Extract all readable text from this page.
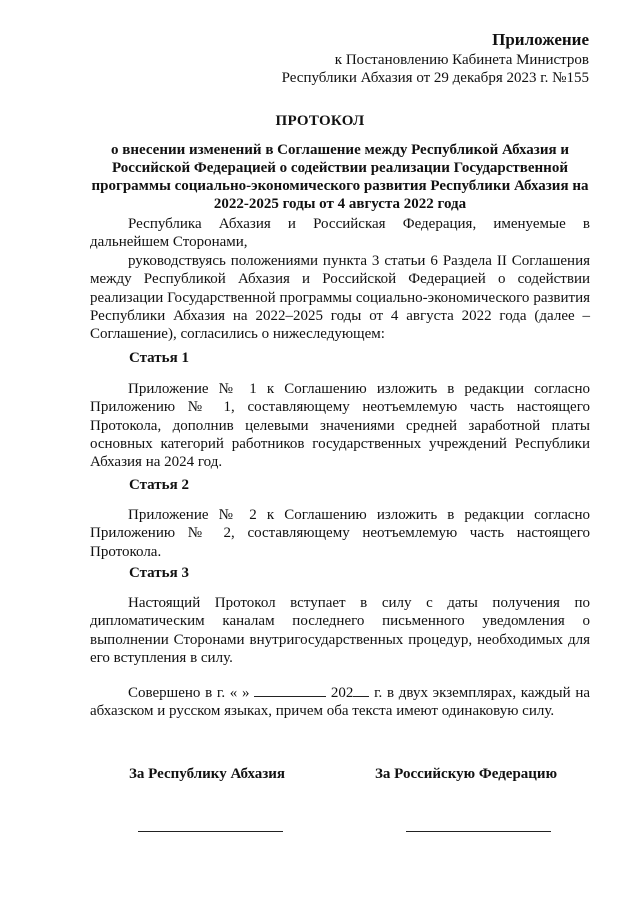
Приложение
к Постановлению Кабинета Министров
Республики Абхазия от 29 декабря 2023 г. №155
ПРОТОКОЛ
о внесении изменений в Соглашение между Республикой Абхазия и Российской Федерацией о содействии реализации Государственной программы социально-экономического развития Республики Абхазия на 2022-2025 годы от 4 августа 2022 года
Республика Абхазия и Российская Федерация, именуемые в дальнейшем Сторонами,
руководствуясь положениями пункта 3 статьи 6 Раздела II Соглашения между Республикой Абхазия и Российской Федерацией о содействии реализации Государственной программы социально-экономического развития Республики Абхазия на 2022–2025 годы от 4 августа 2022 года (далее – Соглашение), согласились о нижеследующем:
Статья 1
Приложение № 1 к Соглашению изложить в редакции согласно Приложению № 1, составляющему неотъемлемую часть настоящего Протокола, дополнив целевыми значениями средней заработной платы основных категорий работников государственных учреждений Республики Абхазия на 2024 год.
Статья 2
Приложение № 2 к Соглашению изложить в редакции согласно Приложению № 2, составляющему неотъемлемую часть настоящего Протокола.
Статья 3
Настоящий Протокол вступает в силу с даты получения по дипломатическим каналам последнего письменного уведомления о выполнении Сторонами внутригосударственных процедур, необходимых для его вступления в силу.
Совершено в г. « »	202 г. в двух экземплярах, каждый на абхазском и русском языках, причем оба текста имеют одинаковую силу.
За Республику Абхазия	За Российскую Федерацию
